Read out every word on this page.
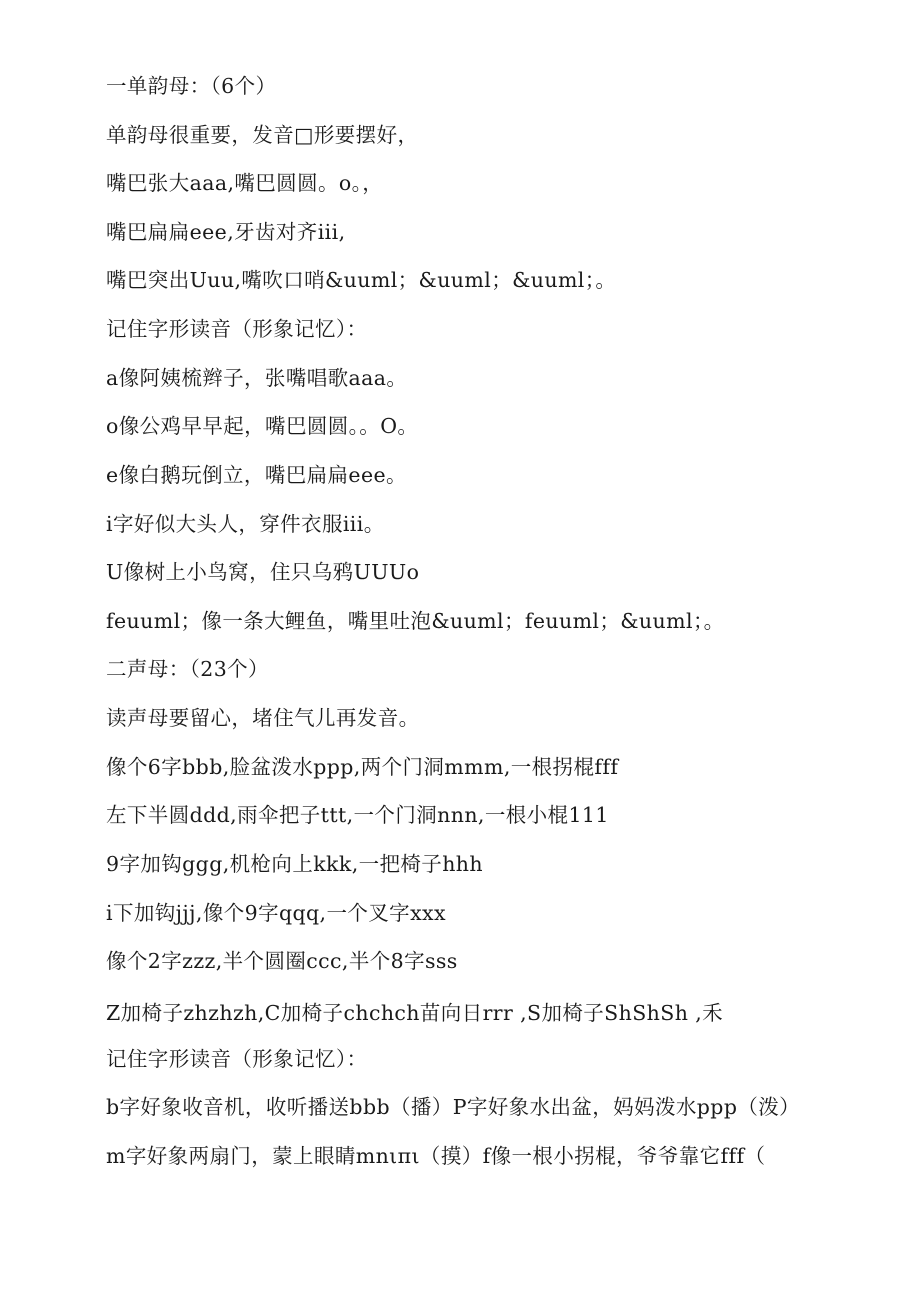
一单韵母：（6个）
单韵母很重要，发音□形要摆好，
嘴巴张大aaa,嘴巴圆圆。o。，
嘴巴扁扁eee,牙齿对齐iii,
嘴巴突出Uuu,嘴吹口哨&uuml；&uuml；&uuml；。
记住字形读音（形象记忆）：
a像阿姨梳辫子，张嘴唱歌aaa。
o像公鸡早早起，嘴巴圆圆。。O。
e像白鹅玩倒立，嘴巴扁扁eee。
i字好似大头人，穿件衣服iii。
U像树上小鸟窝，住只乌鸦UUUo
feuuml；像一条大鲤鱼，嘴里吐泡&uuml；feuuml；&uuml；。
二声母：（23个）
读声母要留心，堵住气儿再发音。
像个6字bbb,脸盆泼水ppp,两个门洞mmm,一根拐棍fff
左下半圆ddd,雨伞把子ttt,一个门洞nnn,一根小棍111
9字加钩ggg,机枪向上kkk,一把椅子hhh
i下加钩jjj,像个9字qqq,一个叉字xxx
像个2字zzz,半个圆圈ccc,半个8字sss
Z加椅子zhzhzh,C加椅子chchch苗向日rrr ,S加椅子ShShSh ,禾
记住字形读音（形象记忆）：
b字好象收音机，收听播送bbb（播）P字好象水出盆，妈妈泼水ppp（泼）
m字好象两扇门，蒙上眼睛mnιπι（摸）f像一根小拐棍，爷爷靠它fff（
